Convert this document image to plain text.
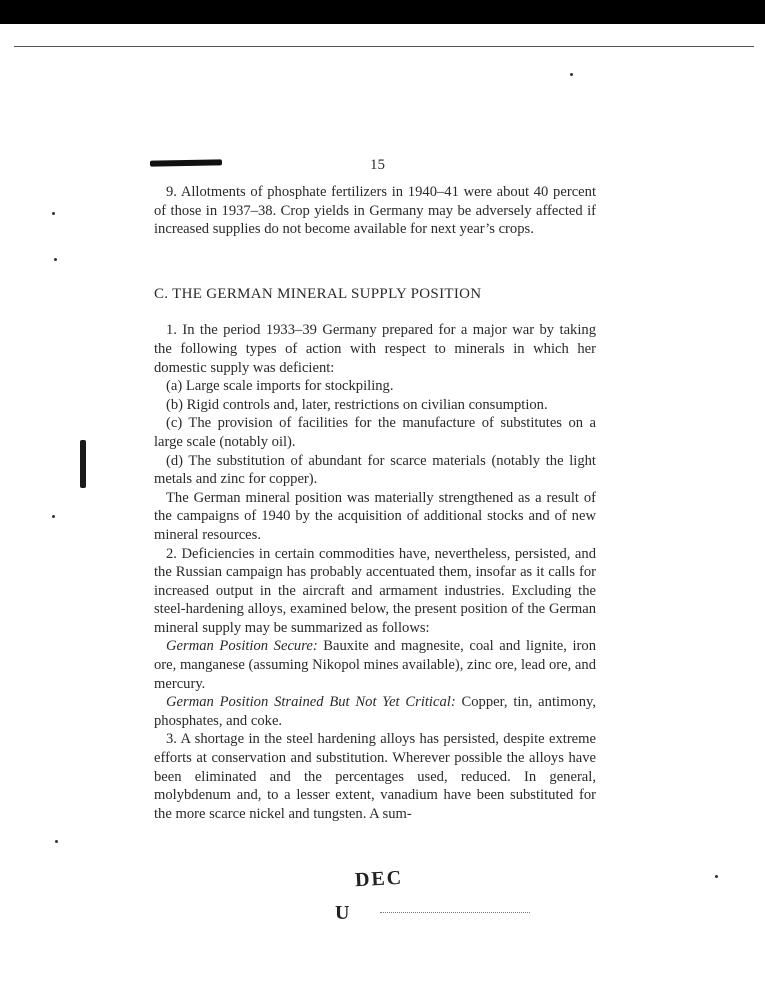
15

9. Allotments of phosphate fertilizers in 1940–41 were about 40 percent of those in 1937–38. Crop yields in Germany may be adversely affected if increased supplies do not become available for next year’s crops.

C. THE GERMAN MINERAL SUPPLY POSITION

1. In the period 1933–39 Germany prepared for a major war by taking the following types of action with respect to minerals in which her domestic supply was deficient:

(a) Large scale imports for stockpiling.

(b) Rigid controls and, later, restrictions on civilian consumption.

(c) The provision of facilities for the manufacture of substitutes on a large scale (notably oil).

(d) The substitution of abundant for scarce materials (notably the light metals and zinc for copper).

The German mineral position was materially strengthened as a result of the campaigns of 1940 by the acquisition of additional stocks and of new mineral resources.

2. Deficiencies in certain commodities have, nevertheless, persisted, and the Russian campaign has probably accentuated them, insofar as it calls for increased output in the aircraft and armament industries. Excluding the steel-hardening alloys, examined below, the present position of the German mineral supply may be summarized as follows:

German Position Secure: Bauxite and magnesite, coal and lignite, iron ore, manganese (assuming Nikopol mines available), zinc ore, lead ore, and mercury.

German Position Strained But Not Yet Critical: Copper, tin, antimony, phosphates, and coke.

3. A shortage in the steel hardening alloys has persisted, despite extreme efforts at conservation and substitution. Wherever possible the alloys have been eliminated and the percentages used, reduced. In general, molybdenum and, to a lesser extent, vanadium have been substituted for the more scarce nickel and tungsten. A sum-

DEC
U
